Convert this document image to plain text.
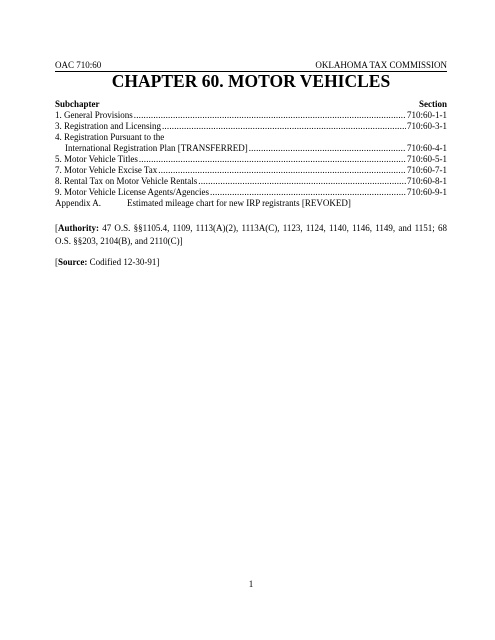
OAC 710:60	OKLAHOMA TAX COMMISSION
CHAPTER 60. MOTOR VEHICLES
Subchapter	Section
1. General Provisions .....	710:60-1-1
3. Registration and Licensing .....	710:60-3-1
4. Registration Pursuant to the
International Registration Plan [TRANSFERRED] .....	710:60-4-1
5. Motor Vehicle Titles .....	710:60-5-1
7. Motor Vehicle Excise Tax .....	710:60-7-1
8. Rental Tax on Motor Vehicle Rentals .....	710:60-8-1
9. Motor Vehicle License Agents/Agencies .....	710:60-9-1
Appendix A.	Estimated mileage chart for new IRP registrants [REVOKED]
[Authority: 47 O.S. §§1105.4, 1109, 1113(A)(2), 1113A(C), 1123, 1124, 1140, 1146, 1149, and 1151; 68 O.S. §§203, 2104(B), and 2110(C)]
[Source: Codified 12-30-91]
1
